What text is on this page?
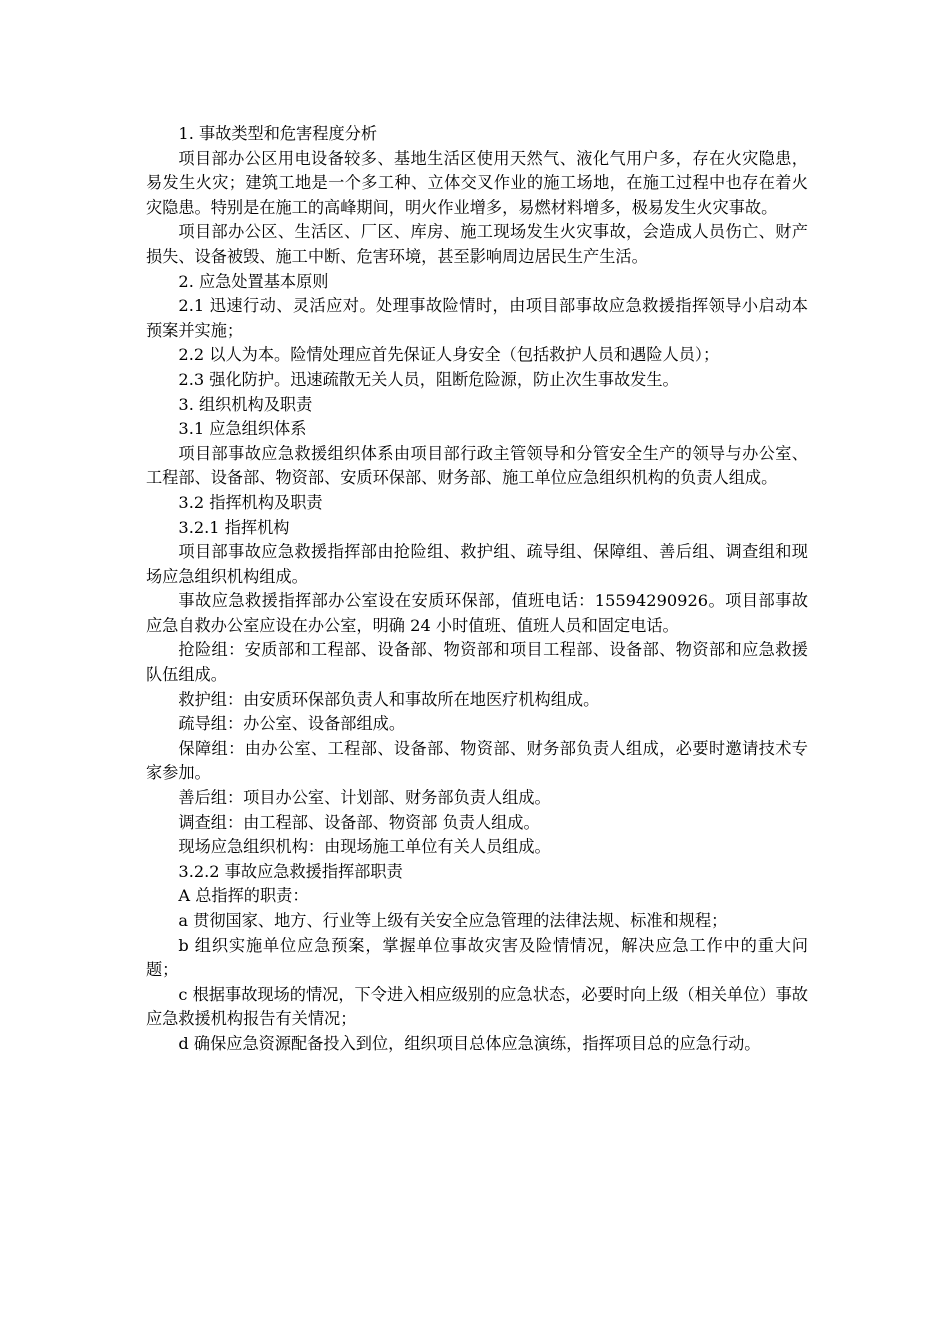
1. 事故类型和危害程度分析

项目部办公区用电设备较多、基地生活区使用天然气、液化气用户多，存在火灾隐患，易发生火灾；建筑工地是一个多工种、立体交叉作业的施工场地，在施工过程中也存在着火灾隐患。特别是在施工的高峰期间，明火作业增多，易燃材料增多，极易发生火灾事故。

项目部办公区、生活区、厂区、库房、施工现场发生火灾事故，会造成人员伤亡、财产损失、设备被毁、施工中断、危害环境，甚至影响周边居民生产生活。

2. 应急处置基本原则

2.1 迅速行动、灵活应对。处理事故险情时，由项目部事故应急救援指挥领导小启动本预案并实施；

2.2 以人为本。险情处理应首先保证人身安全（包括救护人员和遇险人员）；

2.3 强化防护。迅速疏散无关人员，阻断危险源，防止次生事故发生。

3. 组织机构及职责

3.1 应急组织体系

项目部事故应急救援组织体系由项目部行政主管领导和分管安全生产的领导与办公室、工程部、设备部、物资部、安质环保部、财务部、施工单位应急组织机构的负责人组成。

3.2 指挥机构及职责

3.2.1 指挥机构

项目部事故应急救援指挥部由抢险组、救护组、疏导组、保障组、善后组、调查组和现场应急组织机构组成。

事故应急救援指挥部办公室设在安质环保部，值班电话：15594290926。项目部事故应急自救办公室应设在办公室，明确 24 小时值班、值班人员和固定电话。

抢险组：安质部和工程部、设备部、物资部和项目工程部、设备部、物资部和应急救援队伍组成。

救护组：由安质环保部负责人和事故所在地医疗机构组成。

疏导组：办公室、设备部组成。

保障组：由办公室、工程部、设备部、物资部、财务部负责人组成，必要时邀请技术专家参加。

善后组：项目办公室、计划部、财务部负责人组成。

调查组：由工程部、设备部、物资部 负责人组成。

现场应急组织机构：由现场施工单位有关人员组成。

3.2.2 事故应急救援指挥部职责

A 总指挥的职责：

a 贯彻国家、地方、行业等上级有关安全应急管理的法律法规、标准和规程；

b 组织实施单位应急预案，掌握单位事故灾害及险情情况，解决应急工作中的重大问题；

c 根据事故现场的情况，下令进入相应级别的应急状态，必要时向上级（相关单位）事故应急救援机构报告有关情况；

d 确保应急资源配备投入到位，组织项目总体应急演练，指挥项目总的应急行动。
